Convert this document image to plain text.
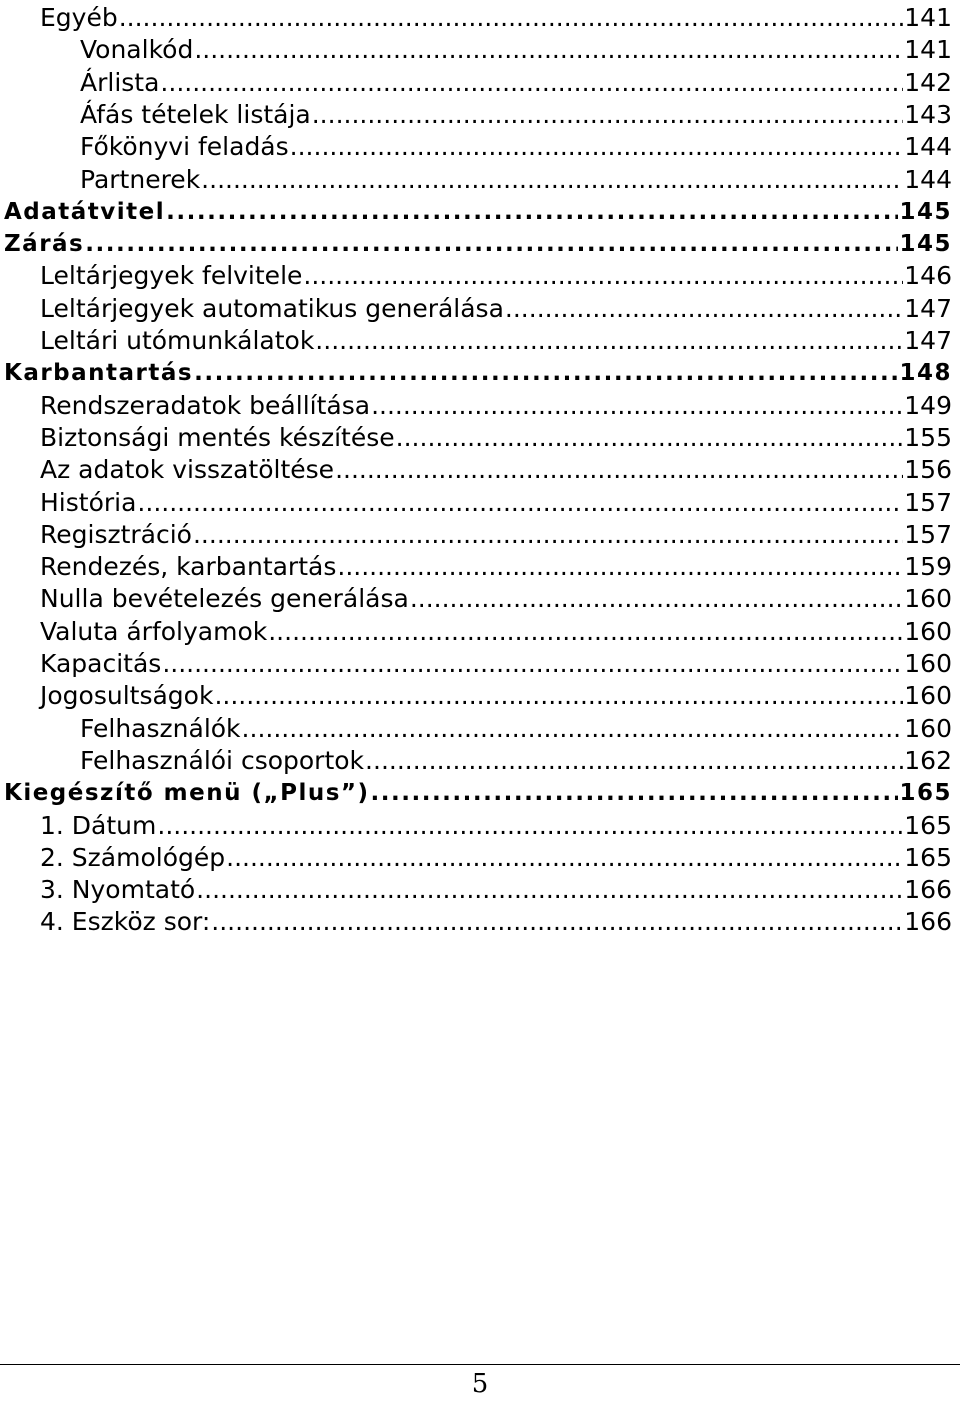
Egyéb .....	141
Vonalkód .....	141
Árlista .....	142
Áfás tételek listája .....	143
Főkönyvi feladás .....	144
Partnerek .....	144
Adatátvitel .....	145
Zárás .....	145
Leltárjegyek felvitele .....	146
Leltárjegyek automatikus generálása .....	147
Leltári utómunkálatok .....	147
Karbantartás .....	148
Rendszeradatok beállítása .....	149
Biztonsági mentés készítése .....	155
Az adatok visszatöltése .....	156
História .....	157
Regisztráció .....	157
Rendezés, karbantartás .....	159
Nulla bevételezés generálása .....	160
Valuta árfolyamok .....	160
Kapacitás .....	160
Jogosultságok .....	160
Felhasználók .....	160
Felhasználói csoportok .....	162
Kiegészítő menü („Plus”) .....	165
1. Dátum .....	165
2. Számológép .....	165
3. Nyomtató .....	166
4. Eszköz sor: .....	166
5
